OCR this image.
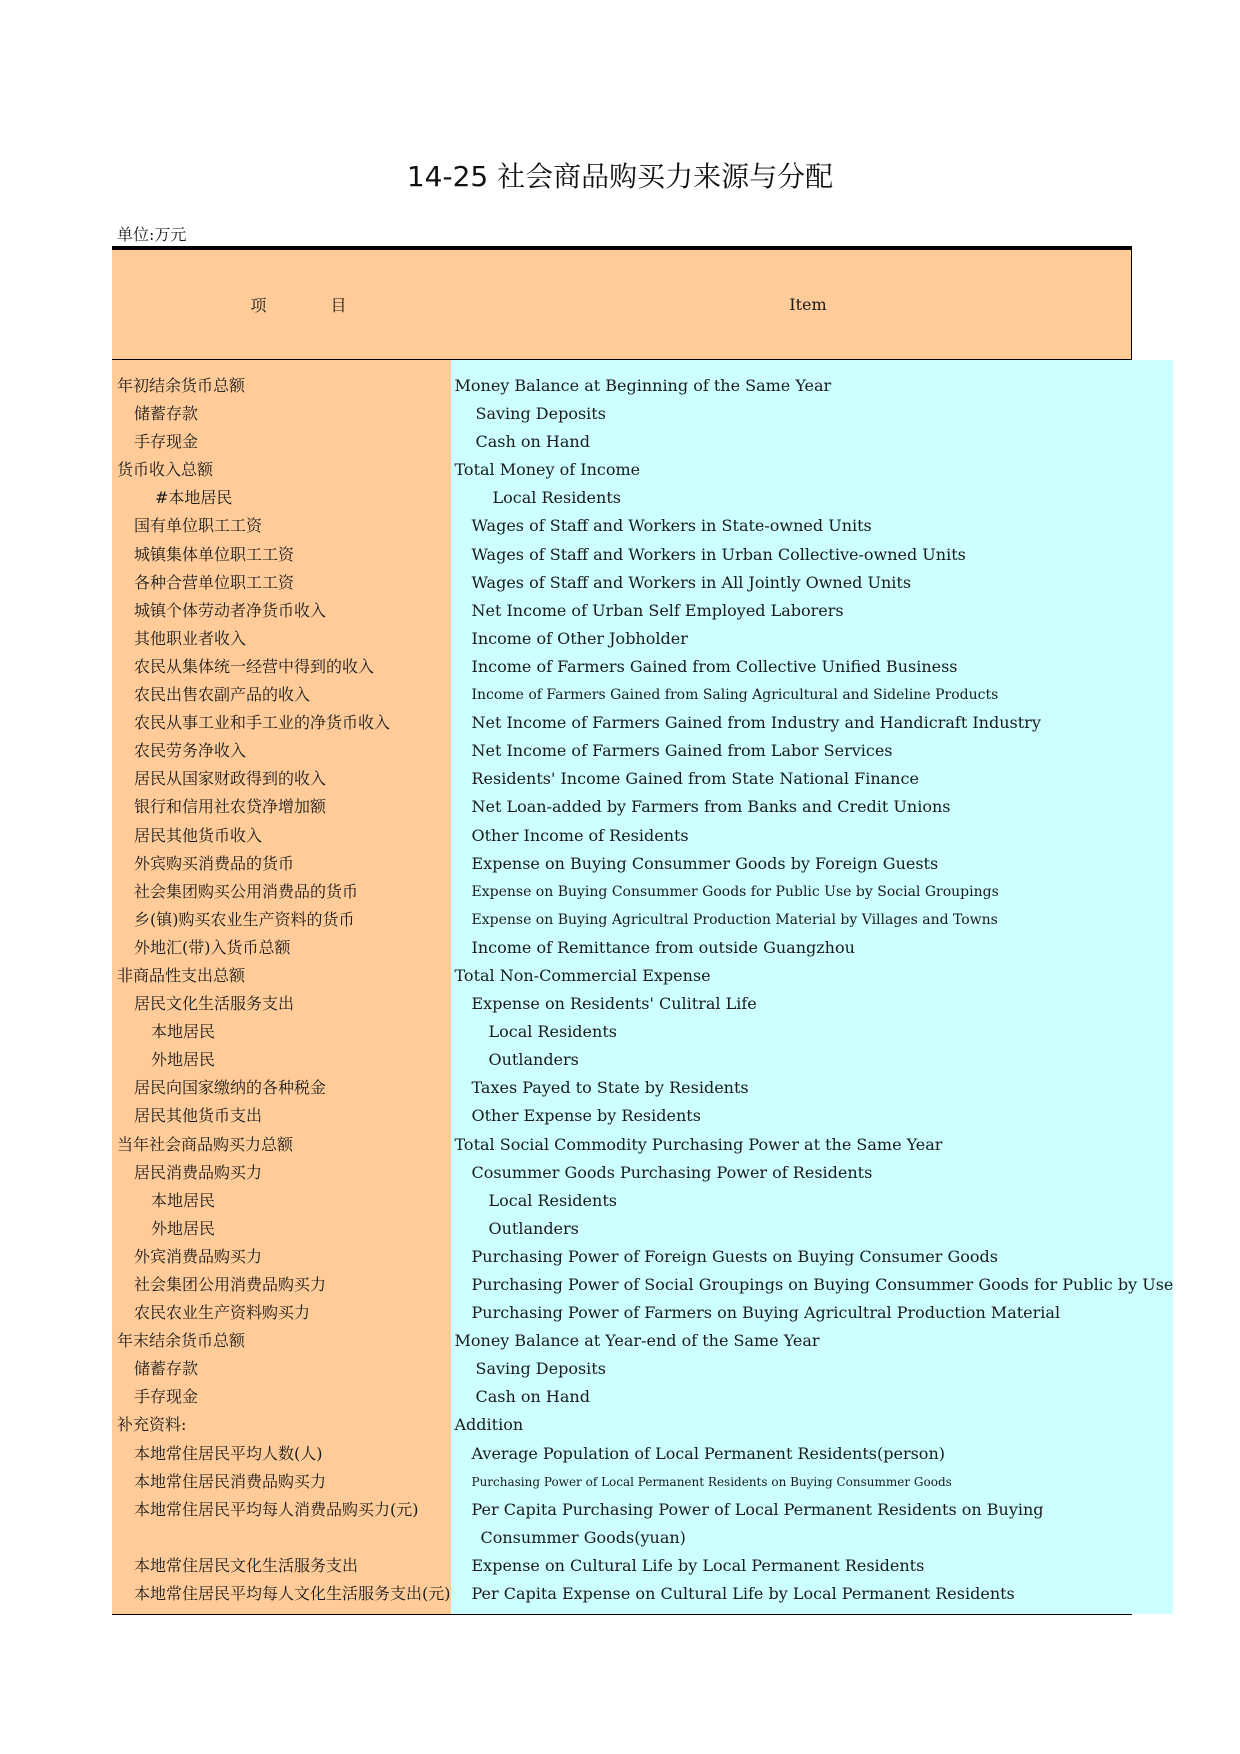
14-25 社会商品购买力来源与分配
单位:万元
项　　　　目	Item
年初结余货币总额
储蓄存款
手存现金
货币收入总额
#本地居民
国有单位职工工资
城镇集体单位职工工资
各种合营单位职工工资
城镇个体劳动者净货币收入
其他职业者收入
农民从集体统一经营中得到的收入
农民出售农副产品的收入
农民从事工业和手工业的净货币收入
农民劳务净收入
居民从国家财政得到的收入
银行和信用社农贷净增加额
居民其他货币收入
外宾购买消费品的货币
社会集团购买公用消费品的货币
乡(镇)购买农业生产资料的货币
外地汇(带)入货币总额
非商品性支出总额
居民文化生活服务支出
本地居民
外地居民
居民向国家缴纳的各种税金
居民其他货币支出
当年社会商品购买力总额
居民消费品购买力
本地居民
外地居民
外宾消费品购买力
社会集团公用消费品购买力
农民农业生产资料购买力
年末结余货币总额
储蓄存款
手存现金
补充资料:
本地常住居民平均人数(人)
本地常住居民消费品购买力
本地常住居民平均每人消费品购买力(元)
本地常住居民文化生活服务支出
本地常住居民平均每人文化生活服务支出(元)
Money Balance at Beginning of the Same Year
Saving Deposits
Cash on Hand
Total Money of Income
Local Residents
Wages of Staff and Workers in State-owned Units
Wages of Staff and Workers in Urban Collective-owned Units
Wages of Staff and Workers in All Jointly Owned Units
Net Income of Urban Self Employed Laborers
Income of Other Jobholder
Income of Farmers Gained from Collective Unified Business
Income of Farmers Gained from Saling Agricultural and Sideline Products
Net Income of Farmers Gained from Industry and Handicraft Industry
Net Income of Farmers Gained from Labor Services
Residents' Income Gained from State National Finance
Net Loan-added by Farmers from Banks and Credit Unions
Other Income of Residents
Expense on Buying Consummer Goods by Foreign Guests
Expense on Buying Consummer Goods for Public Use by Social Groupings
Expense on Buying Agricultral Production Material by Villages and Towns
Income of Remittance from outside Guangzhou
Total Non-Commercial Expense
Expense on Residents' Culitral Life
Local Residents
Outlanders
Taxes Payed to State by Residents
Other Expense by Residents
Total Social Commodity Purchasing Power at the Same Year
Cosummer Goods Purchasing Power of Residents
Local Residents
Outlanders
Purchasing Power of Foreign Guests on Buying Consumer Goods
Purchasing Power of Social Groupings on Buying Consummer Goods for Public by Use
Purchasing Power of Farmers on Buying Agricultral Production Material
Money Balance at Year-end of the Same Year
Saving Deposits
Cash on Hand
Addition
Average Population of Local Permanent Residents(person)
Purchasing Power of Local Permanent Residents on Buying Consummer Goods
Per Capita Purchasing Power of Local Permanent Residents on Buying
Consummer Goods(yuan)
Expense on Cultural Life by Local Permanent Residents
Per Capita Expense on Cultural Life by Local Permanent Residents
